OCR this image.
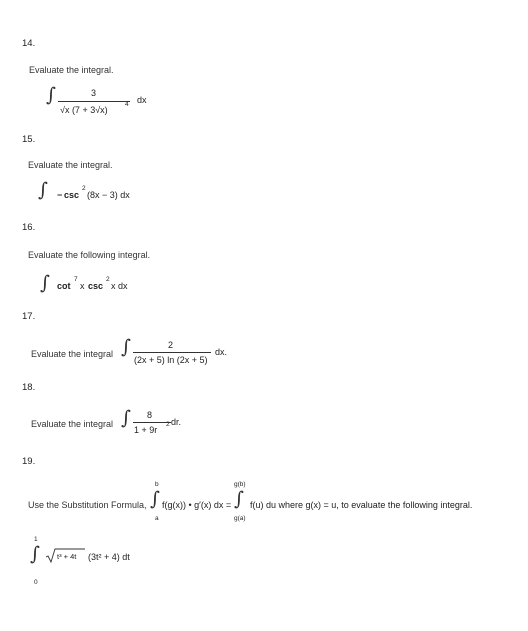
14.
Evaluate the integral.
∫	3
√x (7 + 3√x)
4 dx
15.
Evaluate the integral.
∫ − csc
2
(8x − 3) dx
16.
Evaluate the following integral.
∫ cot
7
x csc
2
x dx
17.
Evaluate the integral ∫	2
(2x + 5) ln (2x + 5)
dx.
18.
Evaluate the integral ∫ 8
1 + 9r
2 dr.
19.
Use the Substitution Formula,
b
∫
a
f(g(x)) • g′(x) dx =
g(b)
∫
g(a)
f(u) du where g(x) = u, to evaluate the following integral.
1
∫
0
t³ + 4t (3t² + 4) dt
